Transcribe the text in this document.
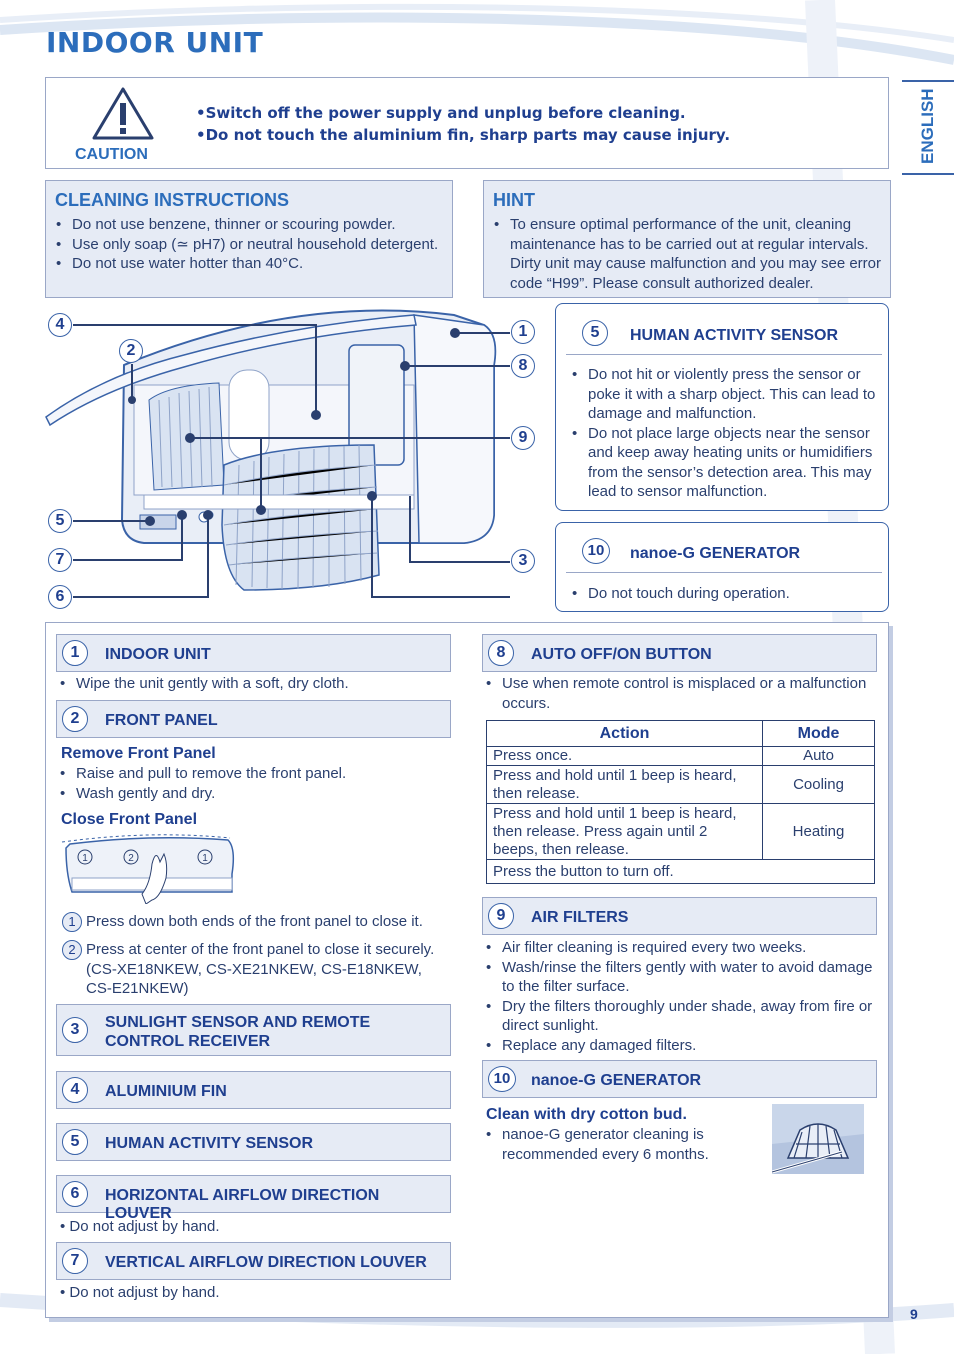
INDOOR UNIT
ENGLISH
CAUTION
•Switch off the power supply and unplug before cleaning.
•Do not touch the aluminium fin, sharp parts may cause injury.
CLEANING INSTRUCTIONS
• Do not use benzene, thinner or scouring powder.
• Use only soap (≃ pH7) or neutral household detergent.
• Do not use water hotter than 40°C.
HINT
• To ensure optimal performance of the unit, cleaning maintenance has to be carried out at regular intervals. Dirty unit may cause malfunction and you may see error code “H99”. Please consult authorized dealer.
4
2
5
7
6
1
8
9
3
5	HUMAN ACTIVITY SENSOR
• Do not hit or violently press the sensor or poke it with a sharp object. This can lead to damage and malfunction.
• Do not place large objects near the sensor and keep away heating units or humidifiers from the sensor’s detection area. This may lead to sensor malfunction.
10	nanoe-G GENERATOR
• Do not touch during operation.
1	INDOOR UNIT
• Wipe the unit gently with a soft, dry cloth.
2	FRONT PANEL
Remove Front Panel
• Raise and pull to remove the front panel.
• Wash gently and dry.
Close Front Panel
1	2	1
1 Press down both ends of the front panel to close it.
2 Press at center of the front panel to close it securely. (CS-XE18NKEW, CS-XE21NKEW, CS-E18NKEW, CS-E21NKEW)
3	SUNLIGHT SENSOR AND REMOTE CONTROL RECEIVER
4	ALUMINIUM FIN
5	HUMAN ACTIVITY SENSOR
6	HORIZONTAL AIRFLOW DIRECTION LOUVER
• Do not adjust by hand.
7	VERTICAL AIRFLOW DIRECTION LOUVER
• Do not adjust by hand.
8	AUTO OFF/ON BUTTON
• Use when remote control is misplaced or a malfunction occurs.
Action	Mode
Press once.	Auto
Press and hold until 1 beep is heard, then release.	Cooling
Press and hold until 1 beep is heard, then release. Press again until 2 beeps, then release.	Heating
Press the button to turn off.	
9	AIR FILTERS
• Air filter cleaning is required every two weeks.
• Wash/rinse the filters gently with water to avoid damage to the filter surface.
• Dry the filters thoroughly under shade, away from fire or direct sunlight.
• Replace any damaged filters.
10	nanoe-G GENERATOR
Clean with dry cotton bud.
• nanoe-G generator cleaning is recommended every 6 months.
9
